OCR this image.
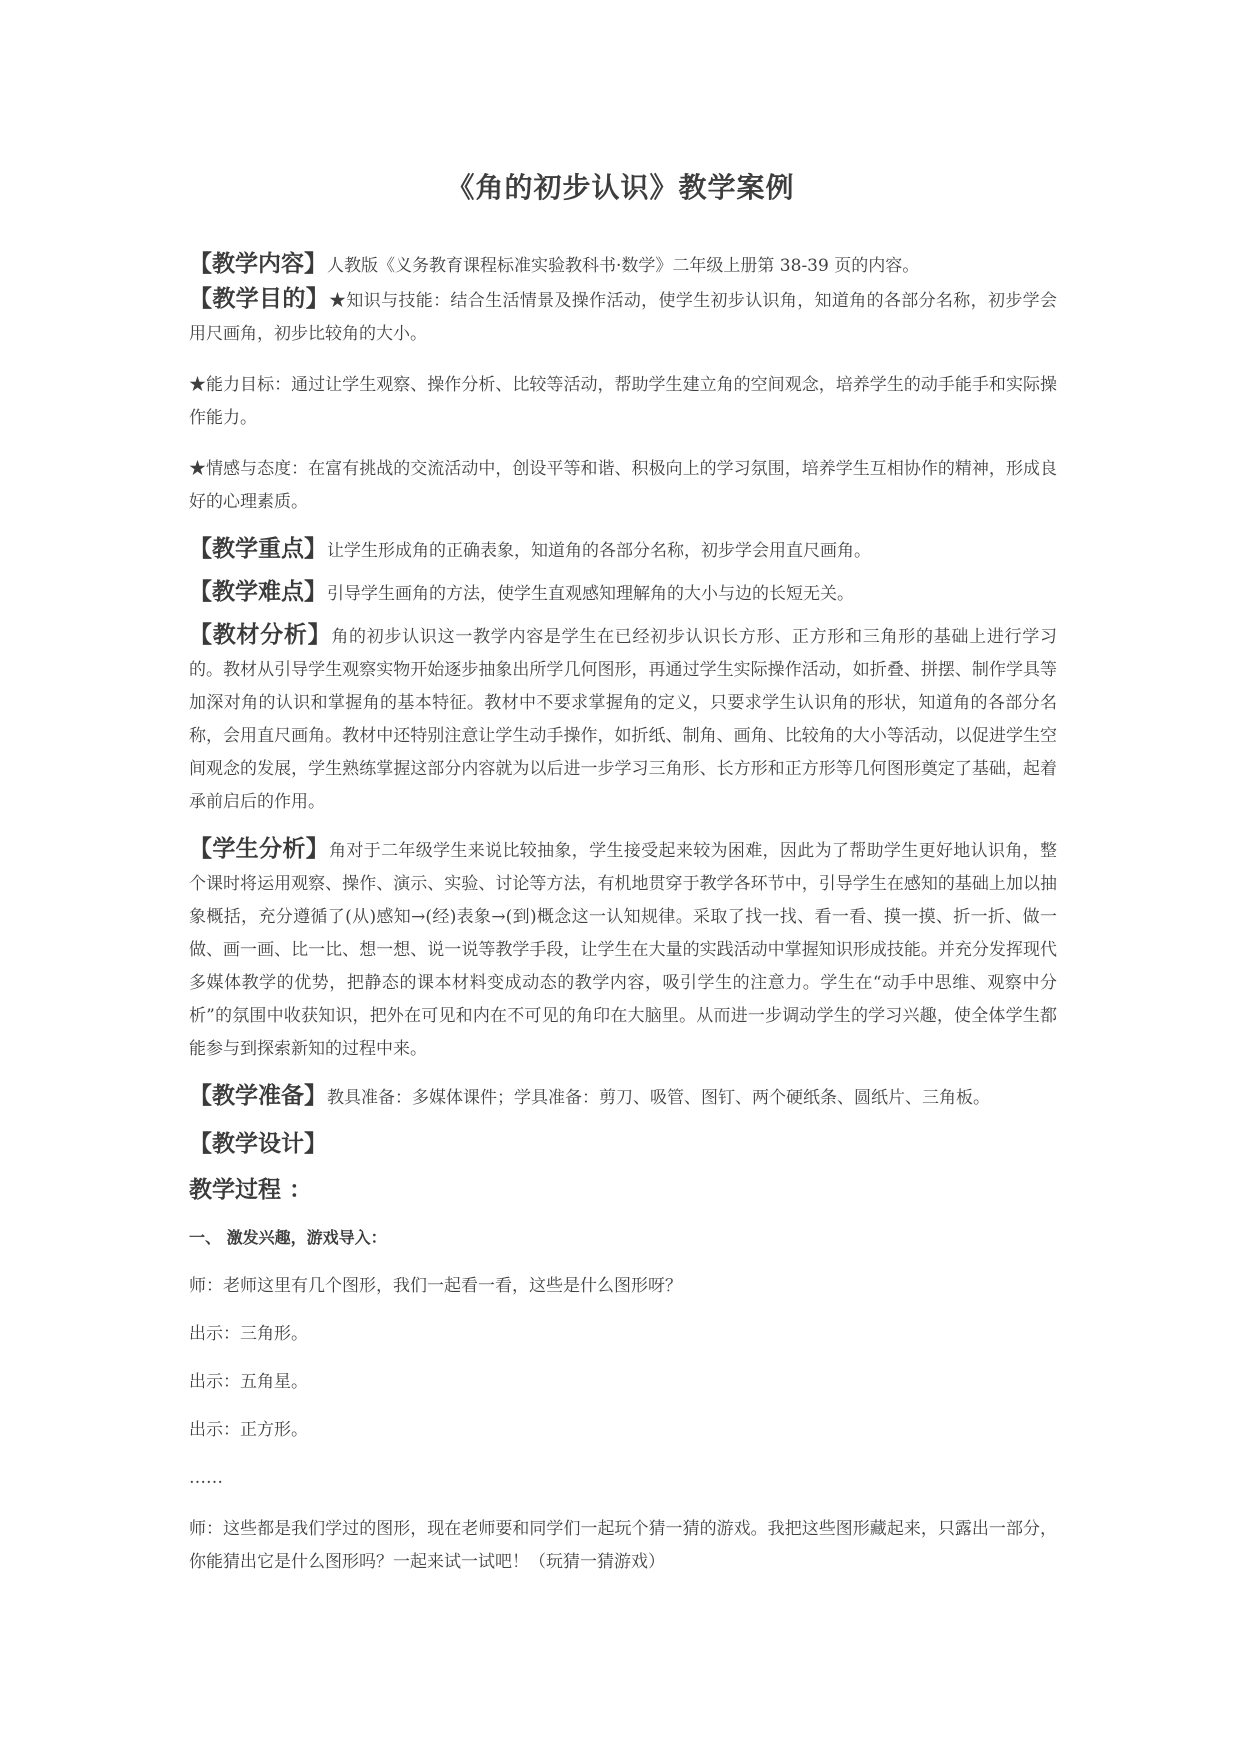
《角的初步认识》教学案例

【教学内容】人教版《义务教育课程标准实验教科书·数学》二年级上册第 38-39 页的内容。

【教学目的】★知识与技能：结合生活情景及操作活动，使学生初步认识角，知道角的各部分名称，初步学会用尺画角，初步比较角的大小。

★能力目标：通过让学生观察、操作分析、比较等活动，帮助学生建立角的空间观念，培养学生的动手能手和实际操作能力。

★情感与态度：在富有挑战的交流活动中，创设平等和谐、积极向上的学习氛围，培养学生互相协作的精神，形成良好的心理素质。

【教学重点】让学生形成角的正确表象，知道角的各部分名称，初步学会用直尺画角。

【教学难点】引导学生画角的方法，使学生直观感知理解角的大小与边的长短无关。

【教材分析】角的初步认识这一教学内容是学生在已经初步认识长方形、正方形和三角形的基础上进行学习的。教材从引导学生观察实物开始逐步抽象出所学几何图形，再通过学生实际操作活动，如折叠、拼摆、制作学具等加深对角的认识和掌握角的基本特征。教材中不要求掌握角的定义，只要求学生认识角的形状，知道角的各部分名称，会用直尺画角。教材中还特别注意让学生动手操作，如折纸、制角、画角、比较角的大小等活动，以促进学生空间观念的发展，学生熟练掌握这部分内容就为以后进一步学习三角形、长方形和正方形等几何图形奠定了基础，起着承前启后的作用。

【学生分析】角对于二年级学生来说比较抽象，学生接受起来较为困难，因此为了帮助学生更好地认识角，整个课时将运用观察、操作、演示、实验、讨论等方法，有机地贯穿于教学各环节中，引导学生在感知的基础上加以抽象概括，充分遵循了(从)感知→(经)表象→(到)概念这一认知规律。采取了找一找、看一看、摸一摸、折一折、做一做、画一画、比一比、想一想、说一说等教学手段，让学生在大量的实践活动中掌握知识形成技能。并充分发挥现代多媒体教学的优势，把静态的课本材料变成动态的教学内容，吸引学生的注意力。学生在“动手中思维、观察中分析”的氛围中收获知识，把外在可见和内在不可见的角印在大脑里。从而进一步调动学生的学习兴趣，使全体学生都能参与到探索新知的过程中来。

【教学准备】教具准备：多媒体课件；学具准备：剪刀、吸管、图钉、两个硬纸条、圆纸片、三角板。

【教学设计】

教学过程 ：

一、 激发兴趣，游戏导入：

师：老师这里有几个图形，我们一起看一看，这些是什么图形呀？

出示：三角形。

出示：五角星。

出示：正方形。

……

师：这些都是我们学过的图形，现在老师要和同学们一起玩个猜一猜的游戏。我把这些图形藏起来，只露出一部分，你能猜出它是什么图形吗？一起来试一试吧！（玩猜一猜游戏）
